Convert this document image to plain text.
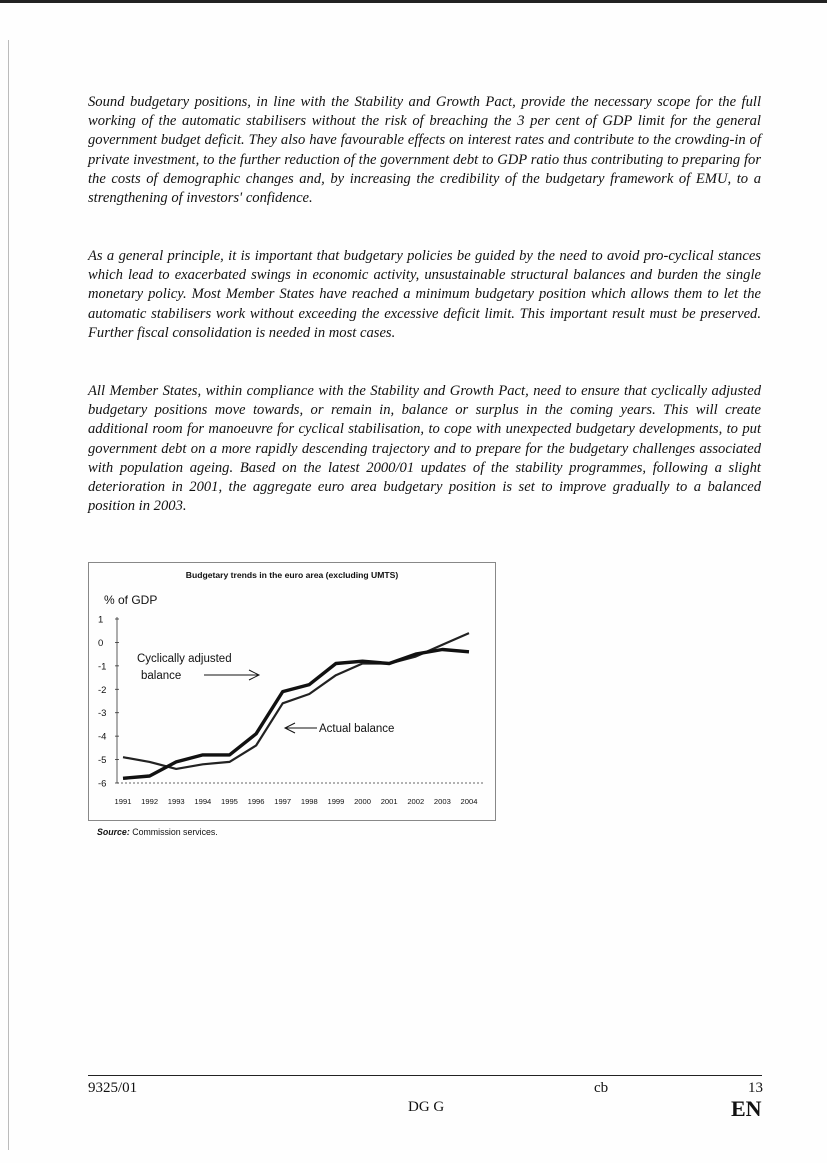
Sound budgetary positions, in line with the Stability and Growth Pact, provide the necessary scope for the full working of the automatic stabilisers without the risk of breaching the 3 per cent of GDP limit for the general government budget deficit. They also have favourable effects on interest rates and contribute to the crowding-in of private investment, to the further reduction of the government debt to GDP ratio thus contributing to preparing for the costs of demographic changes and, by increasing the credibility of the budgetary framework of EMU, to a strengthening of investors' confidence.

As a general principle, it is important that budgetary policies be guided by the need to avoid pro-cyclical stances which lead to exacerbated swings in economic activity, unsustainable structural balances and burden the single monetary policy. Most Member States have reached a minimum budgetary position which allows them to let the automatic stabilisers work without exceeding the excessive deficit limit. This important result must be preserved. Further fiscal consolidation is needed in most cases.

All Member States, within compliance with the Stability and Growth Pact, need to ensure that cyclically adjusted budgetary positions move towards, or remain in, balance or surplus in the coming years. This will create additional room for manoeuvre for cyclical stabilisation, to cope with unexpected budgetary developments, to put government debt on a more rapidly descending trajectory and to prepare for the budgetary challenges associated with population ageing. Based on the latest 2000/01 updates of the stability programmes, following a slight deterioration in 2001, the aggregate euro area budgetary position is set to improve gradually to a balanced position in 2003.

Budgetary trends in the euro area (excluding UMTS)
% of GDP
1
0
-1
-2
-3
-4
-5
-6
1991 1992 1993 1994 1995 1996 1997 1998 1999 2000 2001 2002 2003 2004
Cyclically adjusted
balance
Actual balance
Source: Commission services.
9325/01	cb	13
DG G	EN
